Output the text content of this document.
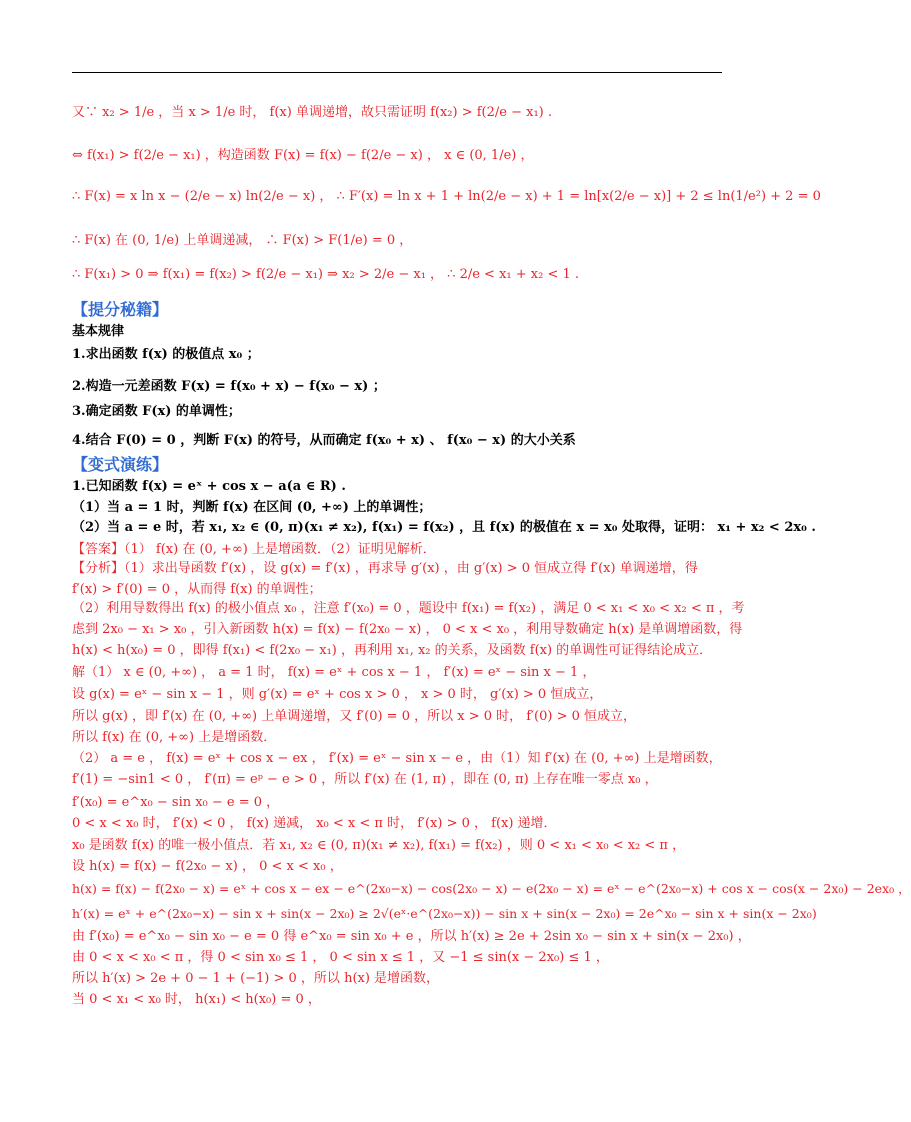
又∵ x₂ > 1/e ，当 x > 1/e 时， f(x) 单调递增，故只需证明 f(x₂) > f(2/e − x₁) .
⇔ f(x₁) > f(2/e − x₁) ，构造函数 F(x) = f(x) − f(2/e − x) ， x ∈ (0, 1/e) ，
∴ F(x) = x ln x − (2/e − x) ln(2/e − x) ， ∴ F′(x) = ln x + 1 + ln(2/e − x) + 1 = ln[x(2/e − x)] + 2 ≤ ln(1/e²) + 2 = 0
∴ F(x) 在 (0, 1/e) 上单调递减， ∴ F(x) > F(1/e) = 0 ，
∴ F(x₁) > 0 ⇒ f(x₁) = f(x₂) > f(2/e − x₁) ⇒ x₂ > 2/e − x₁ ， ∴ 2/e < x₁ + x₂ < 1 .
【提分秘籍】
基本规律
1.求出函数 f(x) 的极值点 x₀ ；
2.构造一元差函数 F(x) = f(x₀ + x) − f(x₀ − x) ；
3.确定函数 F(x) 的单调性；
4.结合 F(0) = 0 ，判断 F(x) 的符号，从而确定 f(x₀ + x) 、 f(x₀ − x) 的大小关系
【变式演练】
1.已知函数 f(x) = eˣ + cos x − a(a ∈ R) .
（1）当 a = 1 时，判断 f(x) 在区间 (0, +∞) 上的单调性；
（2）当 a = e 时，若 x₁, x₂ ∈ (0, π)(x₁ ≠ x₂), f(x₁) = f(x₂) ，且 f(x) 的极值在 x = x₀ 处取得，证明： x₁ + x₂ < 2x₀ .
【答案】（1） f(x) 在 (0, +∞) 上是增函数．（2）证明见解析．
【分析】（1）求出导函数 f′(x) ，设 g(x) = f′(x) ，再求导 g′(x) ，由 g′(x) > 0 恒成立得 f′(x) 单调递增，得
f′(x) > f′(0) = 0 ，从而得 f(x) 的单调性；
（2）利用导数得出 f(x) 的极小值点 x₀ ，注意 f′(x₀) = 0 ，题设中 f(x₁) = f(x₂) ，满足 0 < x₁ < x₀ < x₂ < π ，考
虑到 2x₀ − x₁ > x₀ ，引入新函数 h(x) = f(x) − f(2x₀ − x) ， 0 < x < x₀ ，利用导数确定 h(x) 是单调增函数，得
h(x) < h(x₀) = 0 ，即得 f(x₁) < f(2x₀ − x₁) ，再利用 x₁, x₂ 的关系，及函数 f(x) 的单调性可证得结论成立．
解（1） x ∈ (0, +∞) ， a = 1 时， f(x) = eˣ + cos x − 1 ， f′(x) = eˣ − sin x − 1 ，
设 g(x) = eˣ − sin x − 1 ，则 g′(x) = eˣ + cos x > 0 ， x > 0 时， g′(x) > 0 恒成立，
所以 g(x) ，即 f′(x) 在 (0, +∞) 上单调递增，又 f′(0) = 0 ，所以 x > 0 时， f′(0) > 0 恒成立，
所以 f(x) 在 (0, +∞) 上是增函数．
（2） a = e ， f(x) = eˣ + cos x − ex ， f′(x) = eˣ − sin x − e ，由（1）知 f′(x) 在 (0, +∞) 上是增函数，
f′(1) = −sin1 < 0 ， f′(π) = eᵖ − e > 0 ，所以 f′(x) 在 (1, π) ，即在 (0, π) 上存在唯一零点 x₀ ，
f′(x₀) = e^x₀ − sin x₀ − e = 0 ，
0 < x < x₀ 时， f′(x) < 0 ， f(x) 递减， x₀ < x < π 时， f′(x) > 0 ， f(x) 递增．
x₀ 是函数 f(x) 的唯一极小值点．若 x₁, x₂ ∈ (0, π)(x₁ ≠ x₂), f(x₁) = f(x₂) ，则 0 < x₁ < x₀ < x₂ < π ，
设 h(x) = f(x) − f(2x₀ − x) ， 0 < x < x₀ ，
h(x) = f(x) − f(2x₀ − x) = eˣ + cos x − ex − e^(2x₀−x) − cos(2x₀ − x) − e(2x₀ − x) = eˣ − e^(2x₀−x) + cos x − cos(x − 2x₀) − 2ex₀ ，
h′(x) = eˣ + e^(2x₀−x) − sin x + sin(x − 2x₀) ≥ 2√(eˣ·e^(2x₀−x)) − sin x + sin(x − 2x₀) = 2e^x₀ − sin x + sin(x − 2x₀)
由 f′(x₀) = e^x₀ − sin x₀ − e = 0 得 e^x₀ = sin x₀ + e ，所以 h′(x) ≥ 2e + 2sin x₀ − sin x + sin(x − 2x₀) ，
由 0 < x < x₀ < π ，得 0 < sin x₀ ≤ 1 ， 0 < sin x ≤ 1 ，又 −1 ≤ sin(x − 2x₀) ≤ 1 ，
所以 h′(x) > 2e + 0 − 1 + (−1) > 0 ，所以 h(x) 是增函数，
当 0 < x₁ < x₀ 时， h(x₁) < h(x₀) = 0 ，
